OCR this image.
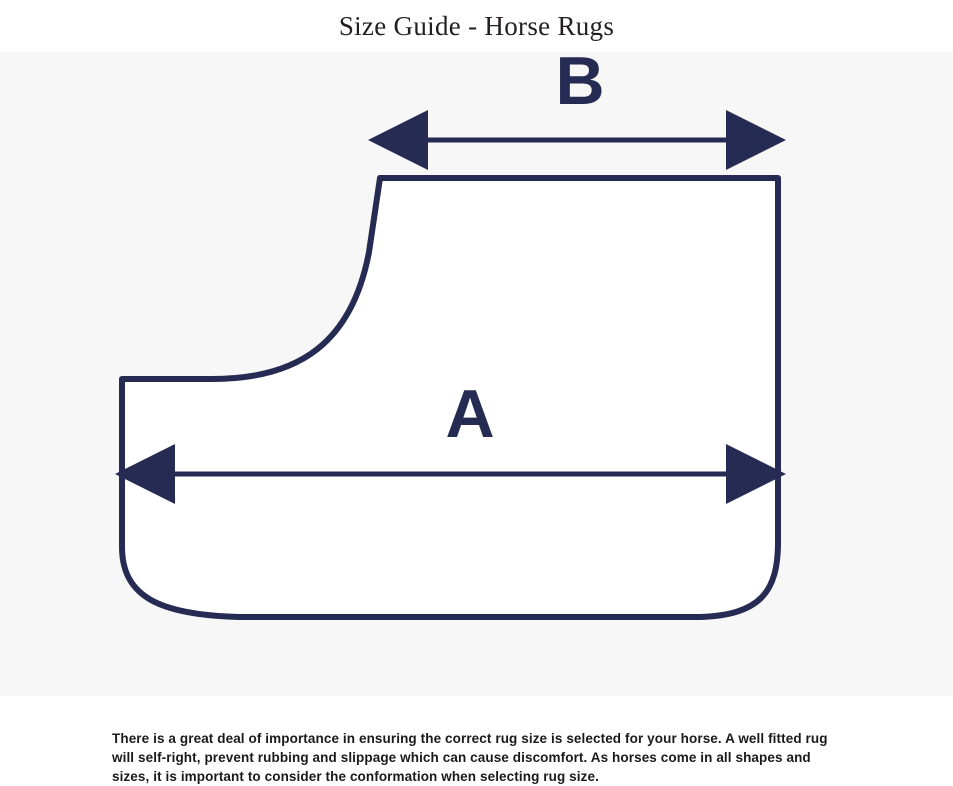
Size Guide - Horse Rugs
B
A

There is a great deal of importance in ensuring the correct rug size is selected for your horse. A well fitted rug will self-right, prevent rubbing and slippage which can cause discomfort. As horses come in all shapes and sizes, it is important to consider the conformation when selecting rug size.
